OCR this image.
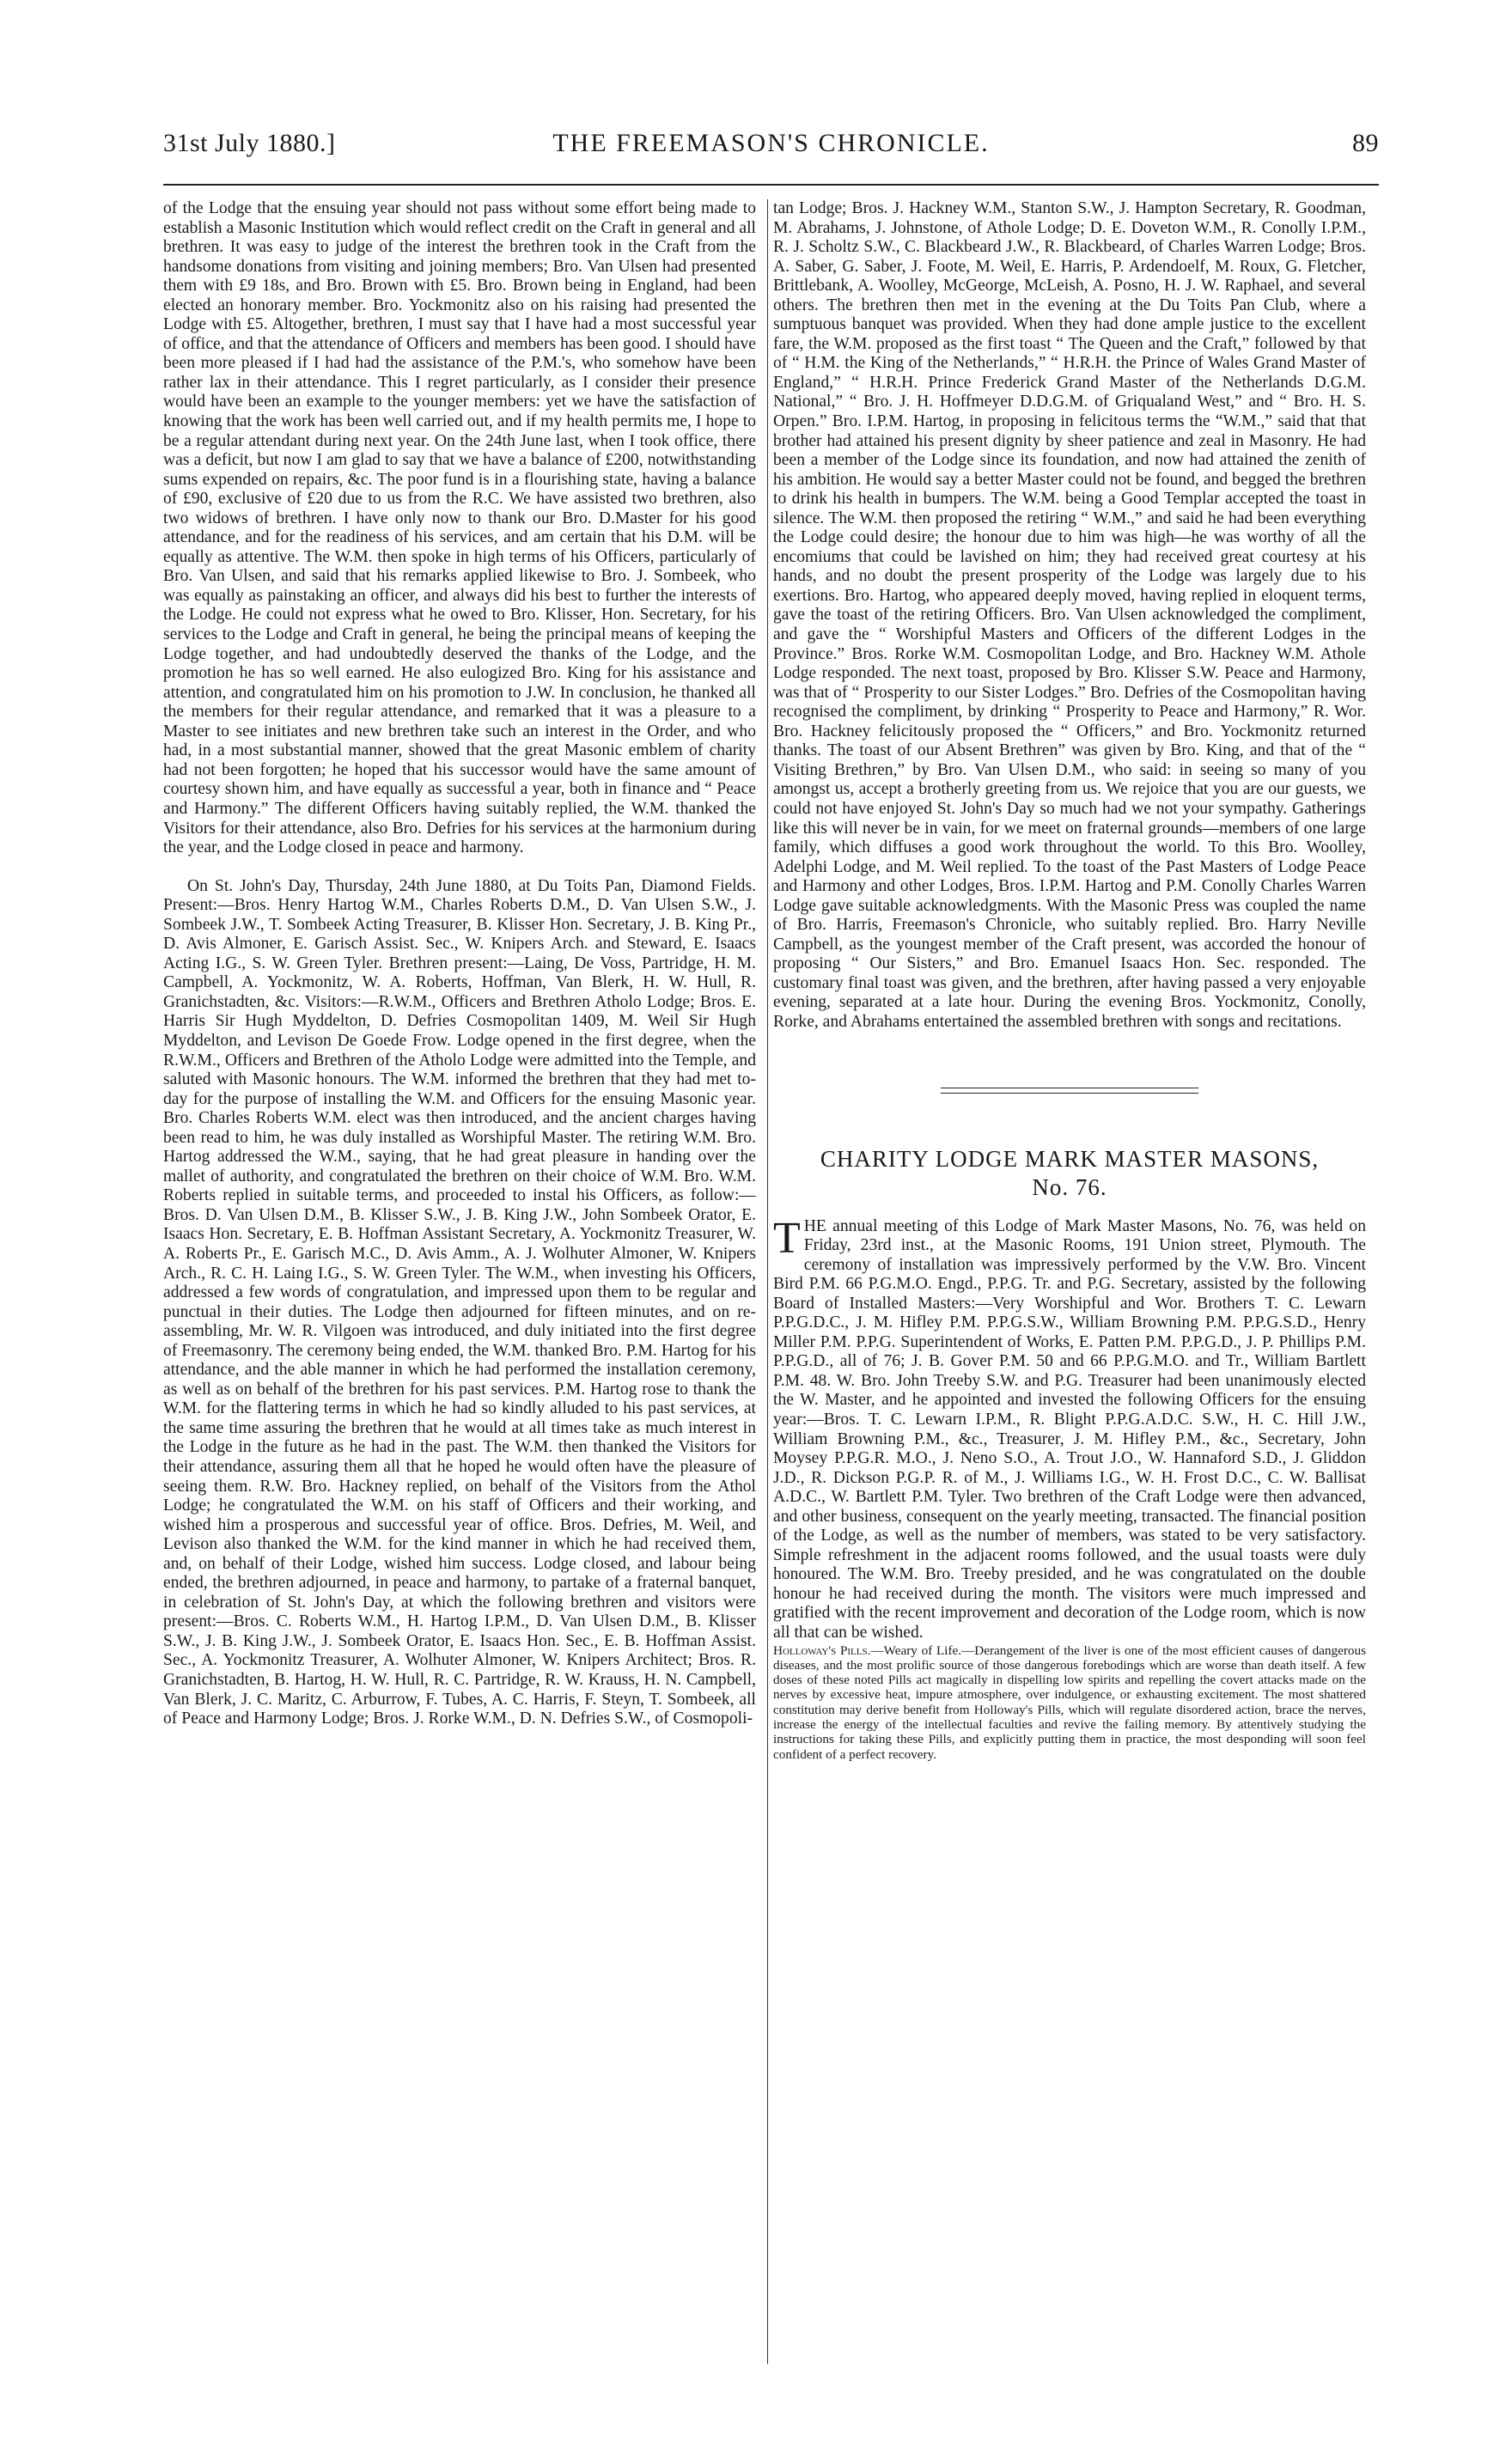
31st July 1880.]	THE FREEMASON'S CHRONICLE.	89

of the Lodge that the ensuing year should not pass without some effort being made to establish a Masonic Institution which would reflect credit on the Craft in general and all brethren. It was easy to judge of the interest the brethren took in the Craft from the handsome donations from visiting and joining members; Bro. Van Ulsen had presented them with £9 18s, and Bro. Brown with £5. Bro. Brown being in England, had been elected an honorary member. Bro. Yockmonitz also on his raising had presented the Lodge with £5. Altogether, brethren, I must say that I have had a most successful year of office, and that the attendance of Officers and members has been good. I should have been more pleased if I had had the assistance of the P.M.'s, who somehow have been rather lax in their attendance. This I regret particularly, as I consider their presence would have been an example to the younger members: yet we have the satisfaction of knowing that the work has been well carried out, and if my health permits me, I hope to be a regular attendant during next year. On the 24th June last, when I took office, there was a deficit, but now I am glad to say that we have a balance of £200, notwithstanding sums expended on repairs, &c. The poor fund is in a flourishing state, having a balance of £90, exclusive of £20 due to us from the R.C. We have assisted two brethren, also two widows of brethren. I have only now to thank our Bro. D.Master for his good attendance, and for the readiness of his services, and am certain that his D.M. will be equally as attentive. The W.M. then spoke in high terms of his Officers, particularly of Bro. Van Ulsen, and said that his remarks applied likewise to Bro. J. Sombeek, who was equally as painstaking an officer, and always did his best to further the interests of the Lodge. He could not express what he owed to Bro. Klisser, Hon. Secretary, for his services to the Lodge and Craft in general, he being the principal means of keeping the Lodge together, and had undoubtedly deserved the thanks of the Lodge, and the promotion he has so well earned. He also eulogized Bro. King for his assistance and attention, and congratulated him on his promotion to J.W. In conclusion, he thanked all the members for their regular attendance, and remarked that it was a pleasure to a Master to see initiates and new brethren take such an interest in the Order, and who had, in a most substantial manner, showed that the great Masonic emblem of charity had not been forgotten; he hoped that his successor would have the same amount of courtesy shown him, and have equally as successful a year, both in finance and “ Peace and Harmony.” The different Officers having suitably replied, the W.M. thanked the Visitors for their attendance, also Bro. Defries for his services at the harmonium during the year, and the Lodge closed in peace and harmony.

On St. John's Day, Thursday, 24th June 1880, at Du Toits Pan, Diamond Fields. Present:—Bros. Henry Hartog W.M., Charles Roberts D.M., D. Van Ulsen S.W., J. Sombeek J.W., T. Sombeek Acting Treasurer, B. Klisser Hon. Secretary, J. B. King Pr., D. Avis Almoner, E. Garisch Assist. Sec., W. Knipers Arch. and Steward, E. Isaacs Acting I.G., S. W. Green Tyler. Brethren present:—Laing, De Voss, Partridge, H. M. Campbell, A. Yockmonitz, W. A. Roberts, Hoffman, Van Blerk, H. W. Hull, R. Granichstadten, &c. Visitors:—R.W.M., Officers and Brethren Atholo Lodge; Bros. E. Harris Sir Hugh Myddelton, D. Defries Cosmopolitan 1409, M. Weil Sir Hugh Myddelton, and Levison De Goede Frow. Lodge opened in the first degree, when the R.W.M., Officers and Brethren of the Atholo Lodge were admitted into the Temple, and saluted with Masonic honours. The W.M. informed the brethren that they had met to-day for the purpose of installing the W.M. and Officers for the ensuing Masonic year. Bro. Charles Roberts W.M. elect was then introduced, and the ancient charges having been read to him, he was duly installed as Worshipful Master. The retiring W.M. Bro. Hartog addressed the W.M., saying, that he had great pleasure in handing over the mallet of authority, and congratulated the brethren on their choice of W.M. Bro. W.M. Roberts replied in suitable terms, and proceeded to instal his Officers, as follow:—Bros. D. Van Ulsen D.M., B. Klisser S.W., J. B. King J.W., John Sombeek Orator, E. Isaacs Hon. Secretary, E. B. Hoffman Assistant Secretary, A. Yockmonitz Treasurer, W. A. Roberts Pr., E. Garisch M.C., D. Avis Amm., A. J. Wolhuter Almoner, W. Knipers Arch., R. C. H. Laing I.G., S. W. Green Tyler. The W.M., when investing his Officers, addressed a few words of congratulation, and impressed upon them to be regular and punctual in their duties. The Lodge then adjourned for fifteen minutes, and on re-assembling, Mr. W. R. Vilgoen was introduced, and duly initiated into the first degree of Freemasonry. The ceremony being ended, the W.M. thanked Bro. P.M. Hartog for his attendance, and the able manner in which he had performed the installation ceremony, as well as on behalf of the brethren for his past services. P.M. Hartog rose to thank the W.M. for the flattering terms in which he had so kindly alluded to his past services, at the same time assuring the brethren that he would at all times take as much interest in the Lodge in the future as he had in the past. The W.M. then thanked the Visitors for their attendance, assuring them all that he hoped he would often have the pleasure of seeing them. R.W. Bro. Hackney replied, on behalf of the Visitors from the Athol Lodge; he congratulated the W.M. on his staff of Officers and their working, and wished him a prosperous and successful year of office. Bros. Defries, M. Weil, and Levison also thanked the W.M. for the kind manner in which he had received them, and, on behalf of their Lodge, wished him success. Lodge closed, and labour being ended, the brethren adjourned, in peace and harmony, to partake of a fraternal banquet, in celebration of St. John's Day, at which the following brethren and visitors were present:—Bros. C. Roberts W.M., H. Hartog I.P.M., D. Van Ulsen D.M., B. Klisser S.W., J. B. King J.W., J. Sombeek Orator, E. Isaacs Hon. Sec., E. B. Hoffman Assist. Sec., A. Yockmonitz Treasurer, A. Wolhuter Almoner, W. Knipers Architect; Bros. R. Granichstadten, B. Hartog, H. W. Hull, R. C. Partridge, R. W. Krauss, H. N. Campbell, Van Blerk, J. C. Maritz, C. Arburrow, F. Tubes, A. C. Harris, F. Steyn, T. Sombeek, all of Peace and Harmony Lodge; Bros. J. Rorke W.M., D. N. Defries S.W., of Cosmopoli-

tan Lodge; Bros. J. Hackney W.M., Stanton S.W., J. Hampton Secretary, R. Goodman, M. Abrahams, J. Johnstone, of Athole Lodge; D. E. Doveton W.M., R. Conolly I.P.M., R. J. Scholtz S.W., C. Blackbeard J.W., R. Blackbeard, of Charles Warren Lodge; Bros. A. Saber, G. Saber, J. Foote, M. Weil, E. Harris, P. Ardendoelf, M. Roux, G. Fletcher, Brittlebank, A. Woolley, McGeorge, McLeish, A. Posno, H. J. W. Raphael, and several others. The brethren then met in the evening at the Du Toits Pan Club, where a sumptuous banquet was provided. When they had done ample justice to the excellent fare, the W.M. proposed as the first toast “ The Queen and the Craft,” followed by that of “ H.M. the King of the Netherlands,” “ H.R.H. the Prince of Wales Grand Master of England,” “ H.R.H. Prince Frederick Grand Master of the Netherlands D.G.M. National,” “ Bro. J. H. Hoffmeyer D.D.G.M. of Griqualand West,” and “ Bro. H. S. Orpen.” Bro. I.P.M. Hartog, in proposing in felicitous terms the “W.M.,” said that that brother had attained his present dignity by sheer patience and zeal in Masonry. He had been a member of the Lodge since its foundation, and now had attained the zenith of his ambition. He would say a better Master could not be found, and begged the brethren to drink his health in bumpers. The W.M. being a Good Templar accepted the toast in silence. The W.M. then proposed the retiring “ W.M.,” and said he had been everything the Lodge could desire; the honour due to him was high—he was worthy of all the encomiums that could be lavished on him; they had received great courtesy at his hands, and no doubt the present prosperity of the Lodge was largely due to his exertions. Bro. Hartog, who appeared deeply moved, having replied in eloquent terms, gave the toast of the retiring Officers. Bro. Van Ulsen acknowledged the compliment, and gave the “ Worshipful Masters and Officers of the different Lodges in the Province.” Bros. Rorke W.M. Cosmopolitan Lodge, and Bro. Hackney W.M. Athole Lodge responded. The next toast, proposed by Bro. Klisser S.W. Peace and Harmony, was that of “ Prosperity to our Sister Lodges.” Bro. Defries of the Cosmopolitan having recognised the compliment, by drinking “ Prosperity to Peace and Harmony,” R. Wor. Bro. Hackney felicitously proposed the “ Officers,” and Bro. Yockmonitz returned thanks. The toast of our Absent Brethren” was given by Bro. King, and that of the “ Visiting Brethren,” by Bro. Van Ulsen D.M., who said: in seeing so many of you amongst us, accept a brotherly greeting from us. We rejoice that you are our guests, we could not have enjoyed St. John's Day so much had we not your sympathy. Gatherings like this will never be in vain, for we meet on fraternal grounds—members of one large family, which diffuses a good work throughout the world. To this Bro. Woolley, Adelphi Lodge, and M. Weil replied. To the toast of the Past Masters of Lodge Peace and Harmony and other Lodges, Bros. I.P.M. Hartog and P.M. Conolly Charles Warren Lodge gave suitable acknowledgments. With the Masonic Press was coupled the name of Bro. Harris, Freemason's Chronicle, who suitably replied. Bro. Harry Neville Campbell, as the youngest member of the Craft present, was accorded the honour of proposing “ Our Sisters,” and Bro. Emanuel Isaacs Hon. Sec. responded. The customary final toast was given, and the brethren, after having passed a very enjoyable evening, separated at a late hour. During the evening Bros. Yockmonitz, Conolly, Rorke, and Abrahams entertained the assembled brethren with songs and recitations.

CHARITY LODGE MARK MASTER MASONS,
No. 76.

THE annual meeting of this Lodge of Mark Master Masons, No. 76, was held on Friday, 23rd inst., at the Masonic Rooms, 191 Union street, Plymouth. The ceremony of installation was impressively performed by the V.W. Bro. Vincent Bird P.M. 66 P.G.M.O. Engd., P.P.G. Tr. and P.G. Secretary, assisted by the following Board of Installed Masters:—Very Worshipful and Wor. Brothers T. C. Lewarn P.P.G.D.C., J. M. Hifley P.M. P.P.G.S.W., William Browning P.M. P.P.G.S.D., Henry Miller P.M. P.P.G. Superintendent of Works, E. Patten P.M. P.P.G.D., J. P. Phillips P.M. P.P.G.D., all of 76; J. B. Gover P.M. 50 and 66 P.P.G.M.O. and Tr., William Bartlett P.M. 48. W. Bro. John Treeby S.W. and P.G. Treasurer had been unanimously elected the W. Master, and he appointed and invested the following Officers for the ensuing year:—Bros. T. C. Lewarn I.P.M., R. Blight P.P.G.A.D.C. S.W., H. C. Hill J.W., William Browning P.M., &c., Treasurer, J. M. Hifley P.M., &c., Secretary, John Moysey P.P.G.R. M.O., J. Neno S.O., A. Trout J.O., W. Hannaford S.D., J. Gliddon J.D., R. Dickson P.G.P. R. of M., J. Williams I.G., W. H. Frost D.C., C. W. Ballisat A.D.C., W. Bartlett P.M. Tyler. Two brethren of the Craft Lodge were then advanced, and other business, consequent on the yearly meeting, transacted. The financial position of the Lodge, as well as the number of members, was stated to be very satisfactory. Simple refreshment in the adjacent rooms followed, and the usual toasts were duly honoured. The W.M. Bro. Treeby presided, and he was congratulated on the double honour he had received during the month. The visitors were much impressed and gratified with the recent improvement and decoration of the Lodge room, which is now all that can be wished.

Holloway's Pills.—Weary of Life.—Derangement of the liver is one of the most efficient causes of dangerous diseases, and the most prolific source of those dangerous forebodings which are worse than death itself. A few doses of these noted Pills act magically in dispelling low spirits and repelling the covert attacks made on the nerves by excessive heat, impure atmosphere, over indulgence, or exhausting excitement. The most shattered constitution may derive benefit from Holloway's Pills, which will regulate disordered action, brace the nerves, increase the energy of the intellectual faculties and revive the failing memory. By attentively studying the instructions for taking these Pills, and explicitly putting them in practice, the most desponding will soon feel confident of a perfect recovery.
